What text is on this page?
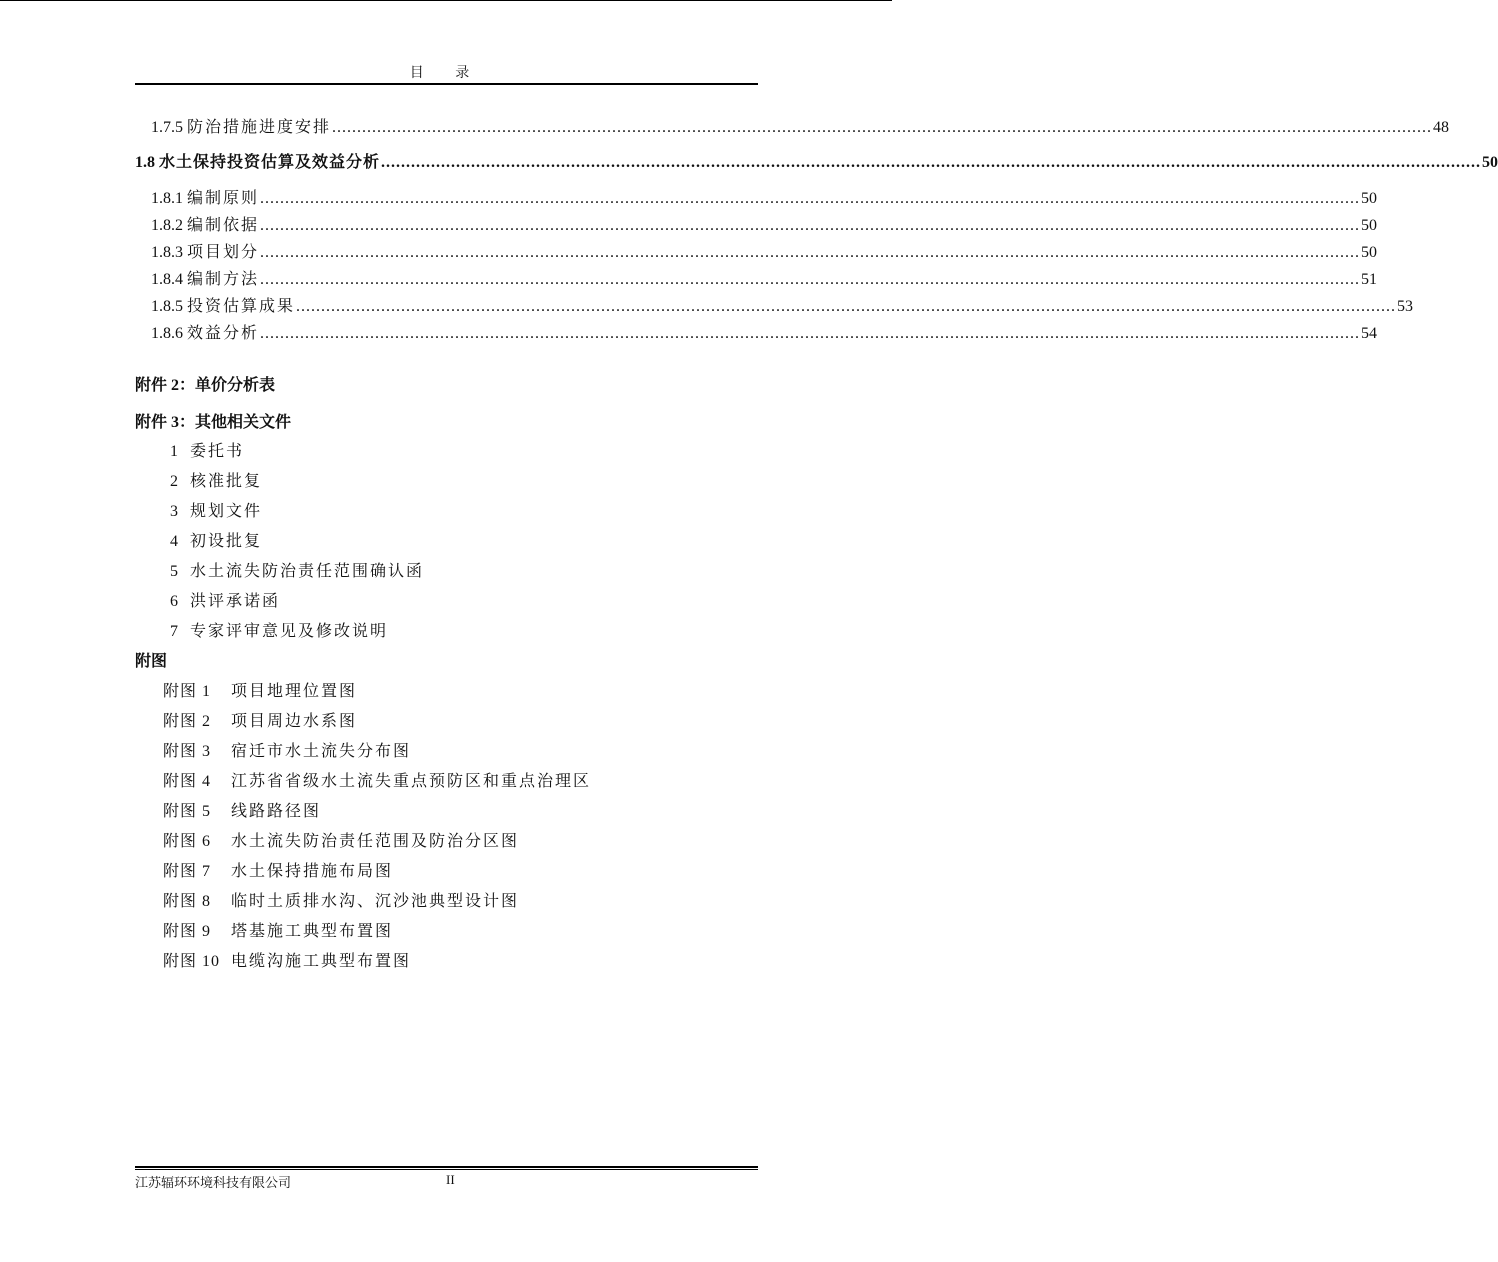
目 录
1.7.5 防治措施进度安排 ............................................................................................................................................................................................................................ 48
1.8 水土保持投资估算及效益分析 ............................................................................................................................................................................................................................ 50
1.8.1 编制原则 ............................................................................................................................................................................................................................ 50
1.8.2 编制依据 ............................................................................................................................................................................................................................ 50
1.8.3 项目划分 ............................................................................................................................................................................................................................ 50
1.8.4 编制方法 ............................................................................................................................................................................................................................ 51
1.8.5 投资估算成果 ............................................................................................................................................................................................................................ 53
1.8.6 效益分析 ............................................................................................................................................................................................................................ 54
附件 2：单价分析表
附件 3：其他相关文件
1 委托书
2 核准批复
3 规划文件
4 初设批复
5 水土流失防治责任范围确认函
6 洪评承诺函
7 专家评审意见及修改说明
附图
附图 1 项目地理位置图
附图 2 项目周边水系图
附图 3 宿迁市水土流失分布图
附图 4 江苏省省级水土流失重点预防区和重点治理区
附图 5 线路路径图
附图 6 水土流失防治责任范围及防治分区图
附图 7 水土保持措施布局图
附图 8 临时土质排水沟、沉沙池典型设计图
附图 9 塔基施工典型布置图
附图 10 电缆沟施工典型布置图
江苏辐环环境科技有限公司	II
